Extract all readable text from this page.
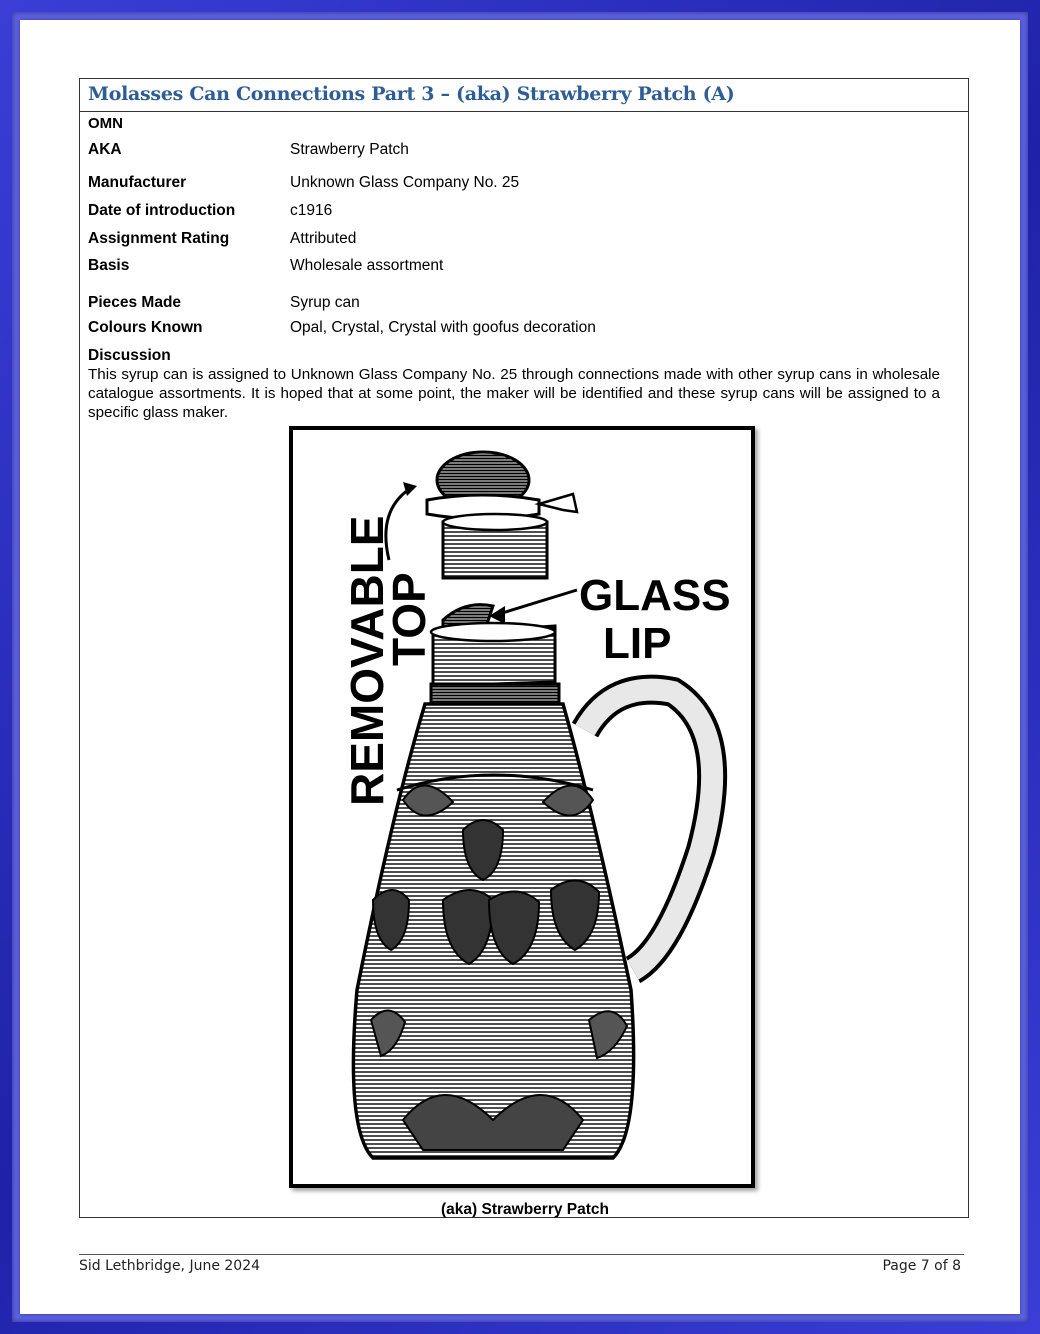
Molasses Can Connections Part 3 – (aka) Strawberry Patch (A)
OMN
AKA	Strawberry Patch
Manufacturer	Unknown Glass Company No. 25
Date of introduction	c1916
Assignment Rating	Attributed
Basis	Wholesale assortment
Pieces Made	Syrup can
Colours Known	Opal, Crystal, Crystal with goofus decoration
Discussion
This syrup can is assigned to Unknown Glass Company No. 25 through connections made with other syrup cans in wholesale catalogue assortments. It is hoped that at some point, the maker will be identified and these syrup cans will be assigned to a specific glass maker.
REMOVABLE
TOP	GLASS
LIP
(aka) Strawberry Patch
Sid Lethbridge, June 2024	Page 7 of 8
